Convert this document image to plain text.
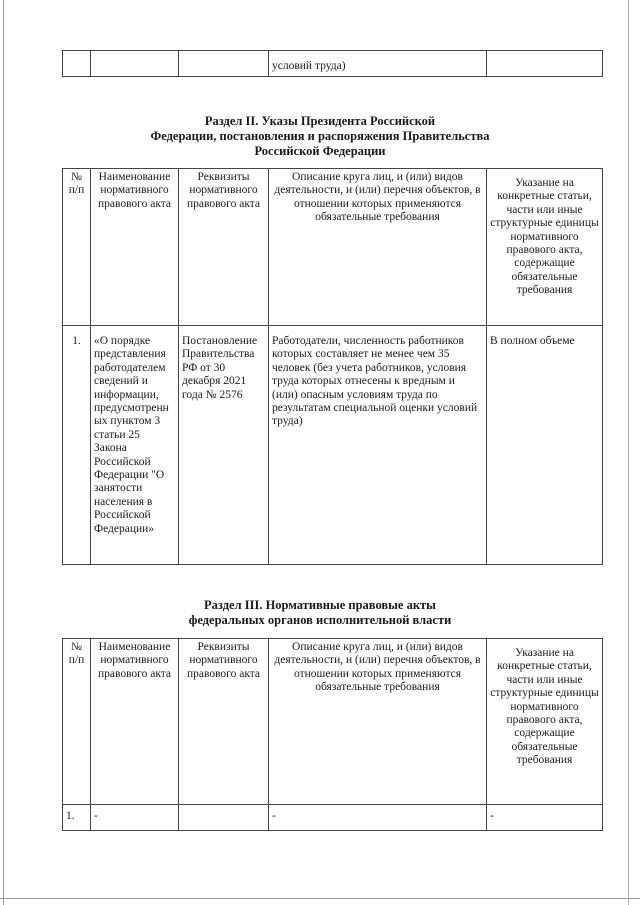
			условий труда)	
Раздел II. Указы Президента Российской
Федерации, постановления и распоряжения Правительства
Российской Федерации
№ п/п	Наименование нормативного правового акта	Реквизиты нормативного правового акта	Описание круга лиц, и (или) видов деятельности, и (или) перечня объектов, в отношении которых применяются обязательные требования	Указание на конкретные статьи, части или иные структурные единицы нормативного правового акта, содержащие обязательные требования
1.	«О порядке представления работодателем сведений и информации, предусмотренных пунктом 3 статьи 25 Закона Российской Федерации "О занятости населения в Российской Федерации»	Постановление Правительства РФ от 30 декабря 2021 года № 2576	Работодатели, численность работников которых составляет не менее чем 35 человек (без учета работников, условия труда которых отнесены к вредным и (или) опасным условиям труда по результатам специальной оценки условий труда)	В полном объеме
Раздел III. Нормативные правовые акты
федеральных органов исполнительной власти
№ п/п	Наименование нормативного правового акта	Реквизиты нормативного правового акта	Описание круга лиц, и (или) видов деятельности, и (или) перечня объектов, в отношении которых применяются обязательные требования	Указание на конкретные статьи, части или иные структурные единицы нормативного правового акта, содержащие обязательные требования
1.	-		-	-
